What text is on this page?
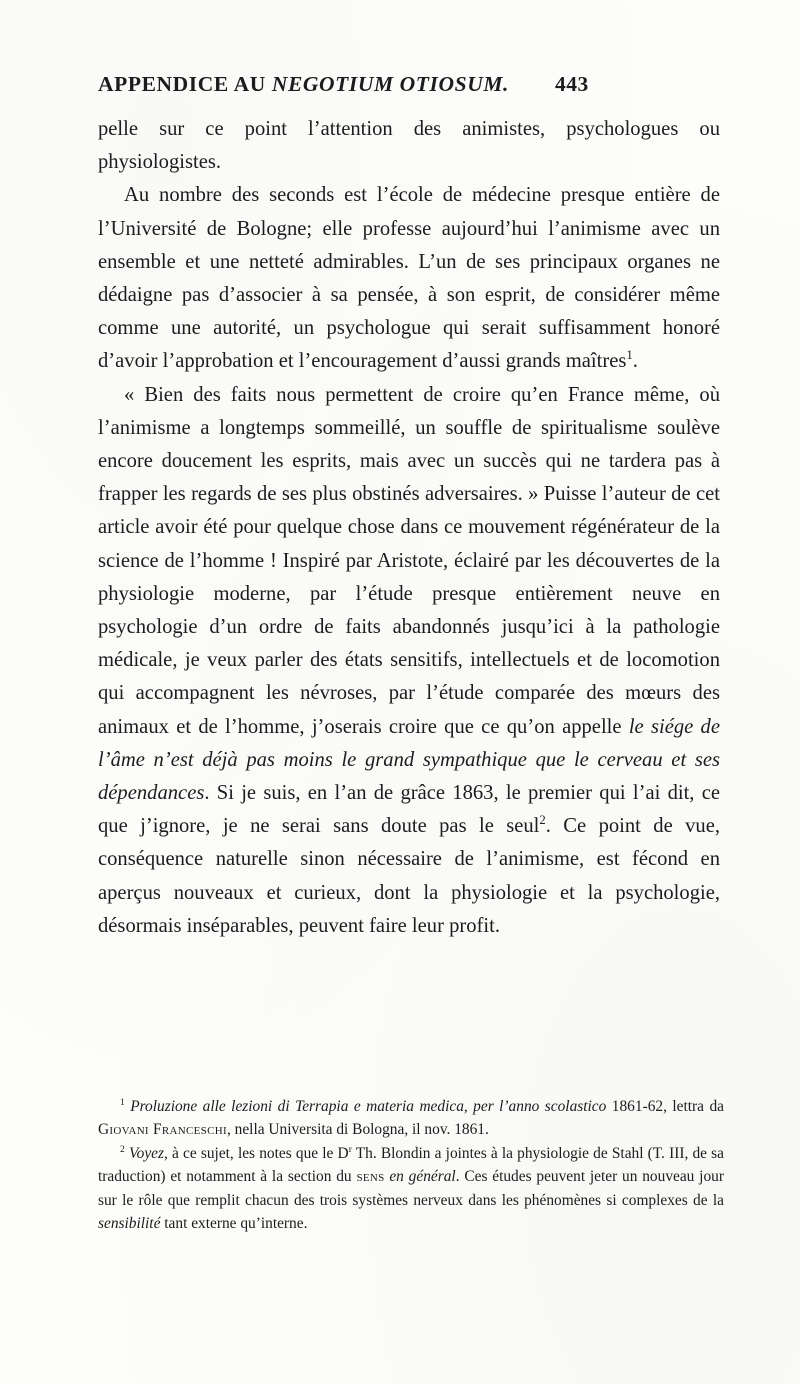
APPENDICE AU NEGOTIUM OTIOSUM. 443

pelle sur ce point l’attention des animistes, psychologues ou physiologistes.

Au nombre des seconds est l’école de médecine presque entière de l’Université de Bologne; elle professe aujourd’hui l’animisme avec un ensemble et une netteté admirables. L’un de ses principaux organes ne dédaigne pas d’associer à sa pensée, à son esprit, de considérer même comme une autorité, un psychologue qui serait suffisamment honoré d’avoir l’approbation et l’encouragement d’aussi grands maîtres$^1$.

« Bien des faits nous permettent de croire qu’en France même, où l’animisme a longtemps sommeillé, un souffle de spiritualisme soulève encore doucement les esprits, mais avec un succès qui ne tardera pas à frapper les regards de ses plus obstinés adversaires. » Puisse l’auteur de cet article avoir été pour quelque chose dans ce mouvement régénérateur de la science de l’homme ! Inspiré par Aristote, éclairé par les découvertes de la physiologie moderne, par l’étude presque entièrement neuve en psychologie d’un ordre de faits abandonnés jusqu’ici à la pathologie médicale, je veux parler des états sensitifs, intellectuels et de locomotion qui accompagnent les névroses, par l’étude comparée des mœurs des animaux et de l’homme, j’oserais croire que ce qu’on appelle le siége de l’âme n’est déjà pas moins le grand sympathique que le cerveau et ses dépendances. Si je suis, en l’an de grâce 1863, le premier qui l’ai dit, ce que j’ignore, je ne serai sans doute pas le seul$^2$. Ce point de vue, conséquence naturelle sinon nécessaire de l’animisme, est fécond en aperçus nouveaux et curieux, dont la physiologie et la psychologie, désormais inséparables, peuvent faire leur profit.

$^1$ Proluzione alle lezioni di Terrapia e materia medica, per l’anno scolastico 1861-62, lettra da Giovani Franceschi, nella Universita di Bologna, il nov. 1861.

$^2$ Voyez, à ce sujet, les notes que le $D^r$ Th. Blondin a jointes à la physiologie de Stahl (T. III, de sa traduction) et notamment à la section du sens en général. Ces études peuvent jeter un nouveau jour sur le rôle que remplit chacun des trois systèmes nerveux dans les phénomènes si complexes de la sensibilité tant externe qu’interne.
